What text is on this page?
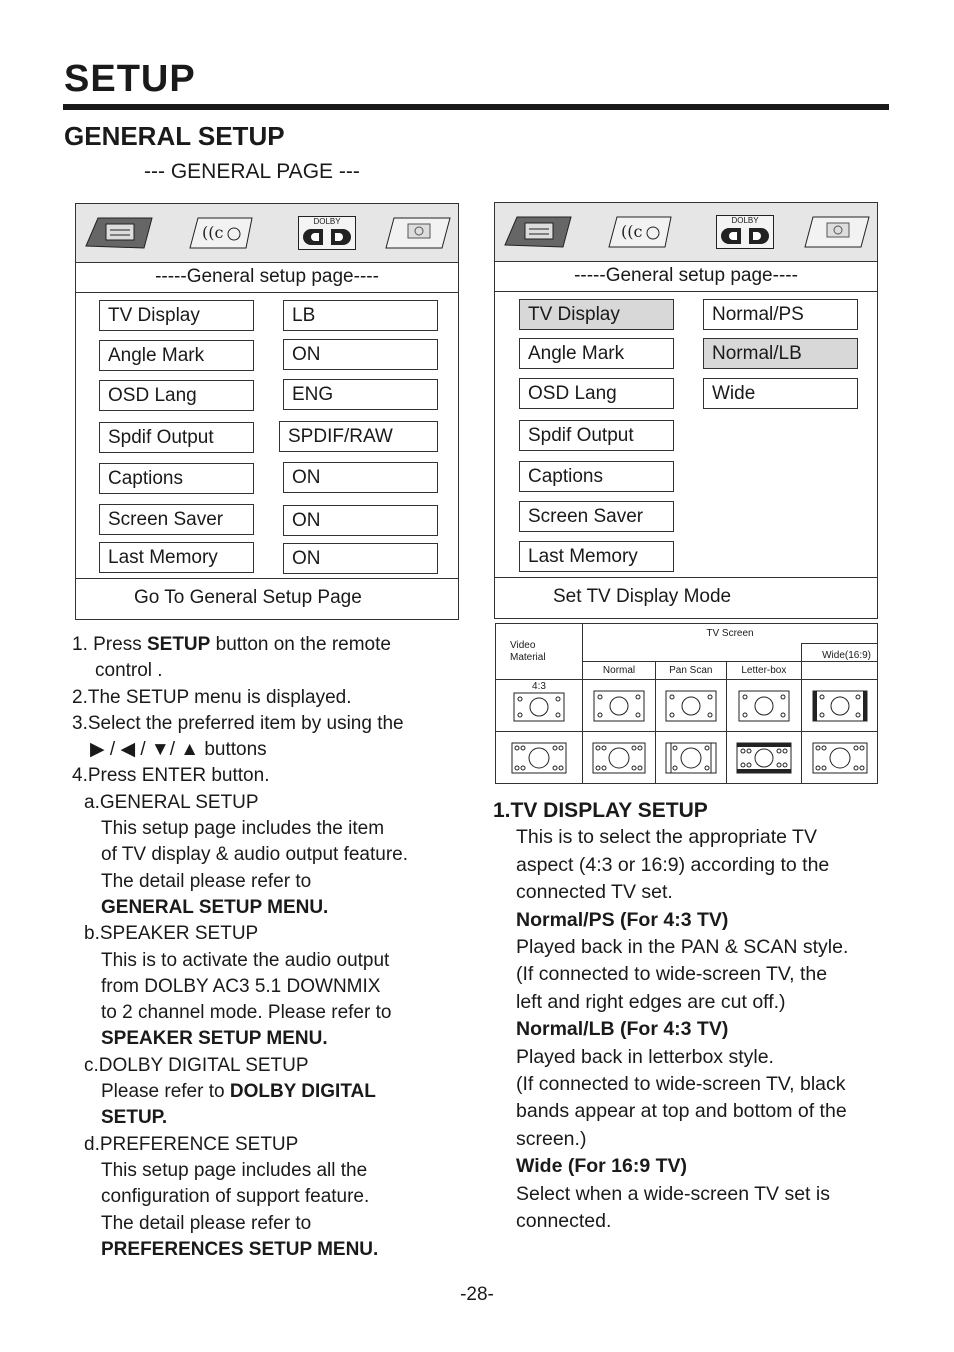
SETUP
GENERAL SETUP
--- GENERAL PAGE ---
((c
DOLBY
-----General setup page----
TV Display	LB
Angle Mark	ON
OSD Lang	ENG
Spdif Output	SPDIF/RAW
Captions	ON
Screen Saver	ON
Last Memory	ON
Go To General Setup Page
((c
DOLBY
-----General setup page----
TV Display	Normal/PS
Angle Mark	Normal/LB
OSD Lang	Wide
Spdif Output
Captions
Screen Saver
Last Memory
Set TV Display Mode
1. Press SETUP button on the remote
control .
2.The SETUP menu is displayed.
3.Select the preferred item by using the
▶ / ◀ / ▼/ ▲ buttons
4.Press ENTER button.
a.GENERAL SETUP
This setup page includes the item
of TV display & audio output feature.
The detail please refer to
GENERAL SETUP MENU.
b.SPEAKER SETUP
This is to activate the audio output
from DOLBY AC3 5.1 DOWNMIX
to 2 channel mode. Please refer to
SPEAKER SETUP MENU.
c.DOLBY DIGITAL SETUP
Please refer to DOLBY DIGITAL
SETUP.
d.PREFERENCE SETUP
This setup page includes all the
configuration of support feature.
The detail please refer to
PREFERENCES SETUP MENU.
Video
Material	TV Screen			
				Wide(16:9)
	Normal	Pan Scan	Letter-box	

4:3

1.TV DISPLAY SETUP
This is to select the appropriate TV
aspect (4:3 or 16:9) according to the
connected TV set.
Normal/PS (For 4:3 TV)
Played back in the PAN & SCAN style.
(If connected to wide-screen TV, the
left and right edges are cut off.)
Normal/LB (For 4:3 TV)
Played back in letterbox style.
(If connected to wide-screen TV, black
bands appear at top and bottom of the
screen.)
Wide (For 16:9 TV)
Select when a wide-screen TV set is
connected.
-28-
